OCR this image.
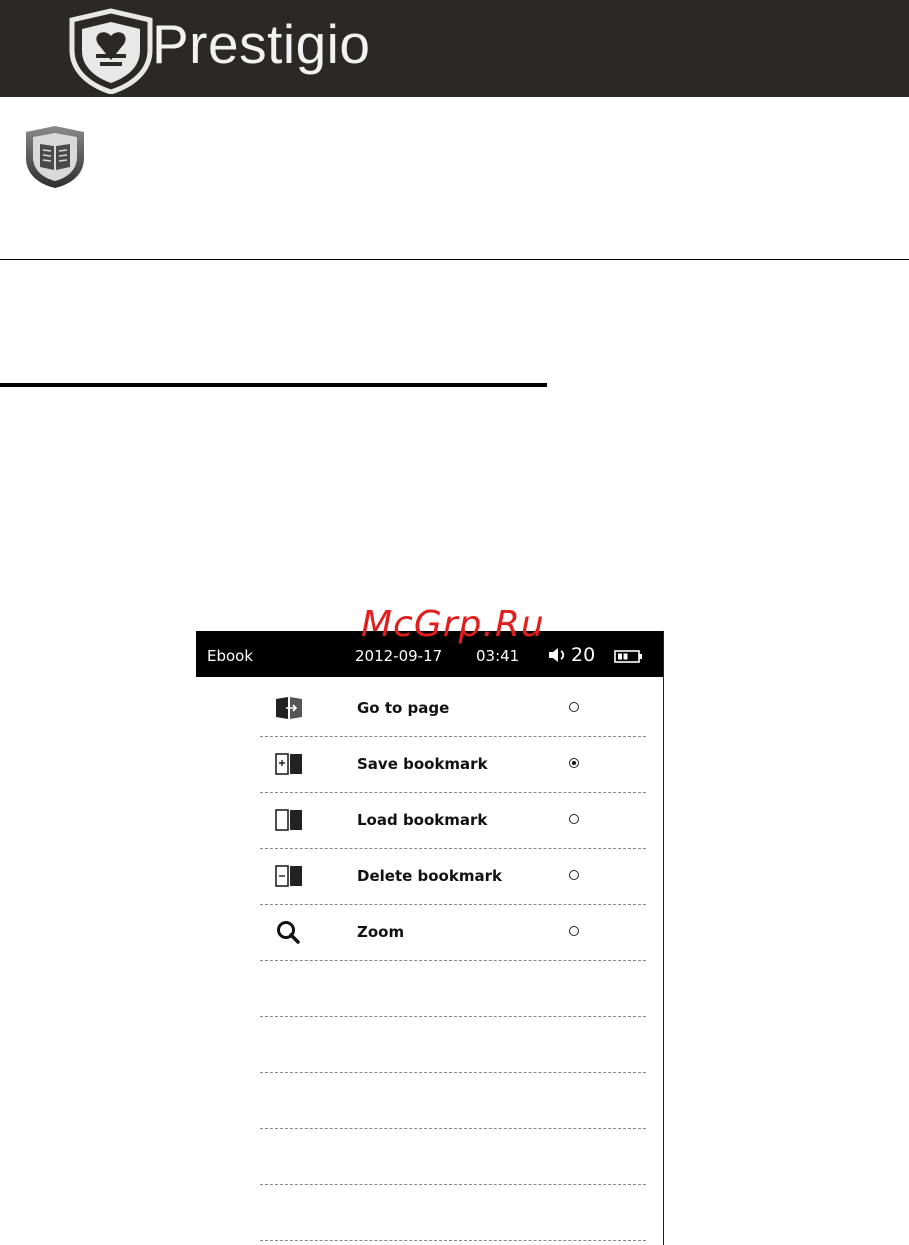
Prestigio
Ebook	2012-09-17 03:41	20
Go to page
Save bookmark
Load bookmark
Delete bookmark
Zoom
McGrp.Ru
